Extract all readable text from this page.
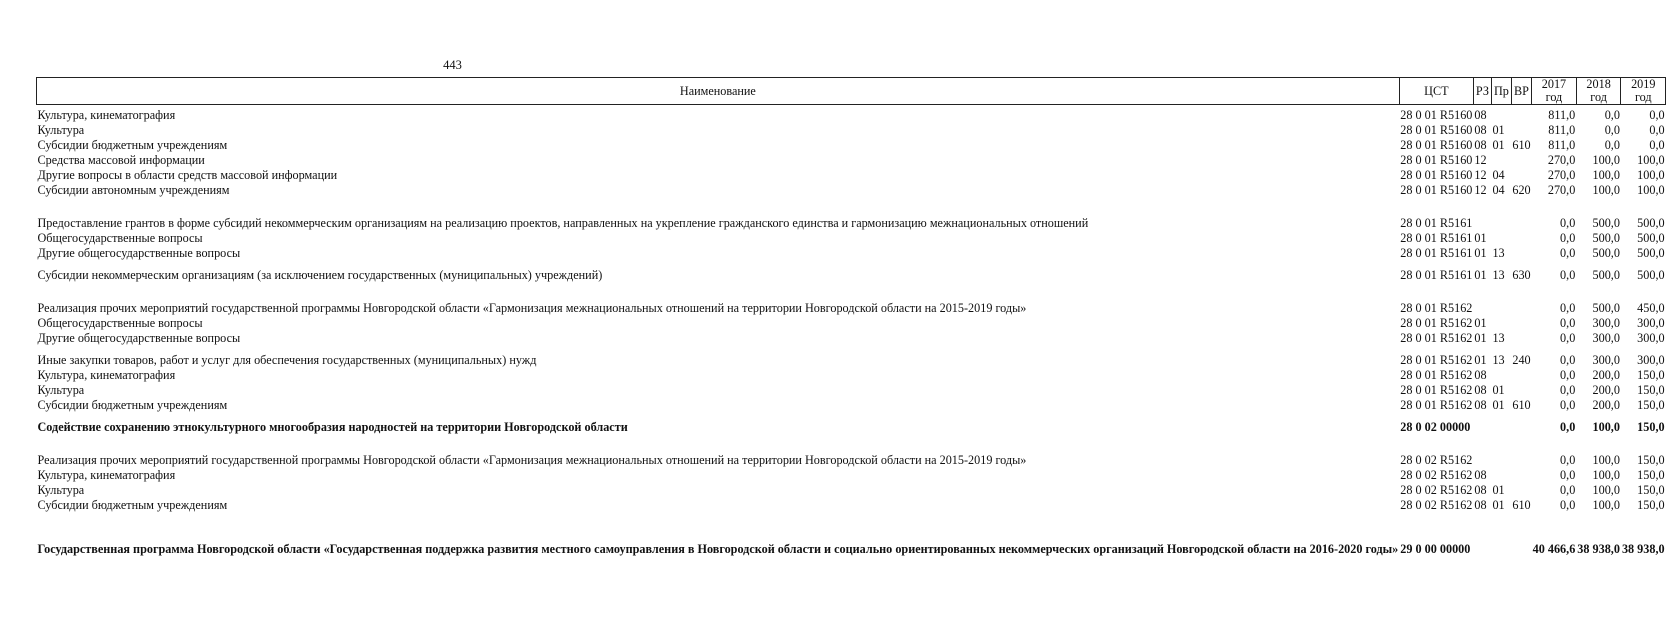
443
Наименование	ЦСТ	РЗ	Пр	ВР	2017 год	2018 год	2019 год
Культура, кинематография	28 0 01 R5160	08			811,0	0,0	0,0
Культура	28 0 01 R5160	08	01		811,0	0,0	0,0
Субсидии бюджетным учреждениям	28 0 01 R5160	08	01	610	811,0	0,0	0,0
Средства массовой информации	28 0 01 R5160	12			270,0	100,0	100,0
Другие вопросы в области средств массовой информации	28 0 01 R5160	12	04		270,0	100,0	100,0
Субсидии автономным учреждениям	28 0 01 R5160	12	04	620	270,0	100,0	100,0
Предоставление грантов в форме субсидий некоммерческим организациям на реализацию проектов, направленных на укрепление гражданского единства и гармонизацию межнациональных отношений	28 0 01 R5161				0,0	500,0	500,0
Общегосударственные вопросы	28 0 01 R5161	01			0,0	500,0	500,0
Другие общегосударственные вопросы	28 0 01 R5161	01	13		0,0	500,0	500,0
Субсидии некоммерческим организациям (за исключением государственных (муниципальных) учреждений)	28 0 01 R5161	01	13	630	0,0	500,0	500,0
Реализация прочих мероприятий государственной программы Новгородской области «Гармонизация межнациональных отношений на территории Новгородской области на 2015-2019 годы»	28 0 01 R5162				0,0	500,0	450,0
Общегосударственные вопросы	28 0 01 R5162	01			0,0	300,0	300,0
Другие общегосударственные вопросы	28 0 01 R5162	01	13		0,0	300,0	300,0
Иные закупки товаров, работ и услуг для обеспечения государственных (муниципальных) нужд	28 0 01 R5162	01	13	240	0,0	300,0	300,0
Культура, кинематография	28 0 01 R5162	08			0,0	200,0	150,0
Культура	28 0 01 R5162	08	01		0,0	200,0	150,0
Субсидии бюджетным учреждениям	28 0 01 R5162	08	01	610	0,0	200,0	150,0
Содействие сохранению этнокультурного многообразия народностей на территории Новгородской области	28 0 02 00000				0,0	100,0	150,0
Реализация прочих мероприятий государственной программы Новгородской области «Гармонизация межнациональных отношений на территории Новгородской области на 2015-2019 годы»	28 0 02 R5162				0,0	100,0	150,0
Культура, кинематография	28 0 02 R5162	08			0,0	100,0	150,0
Культура	28 0 02 R5162	08	01		0,0	100,0	150,0
Субсидии бюджетным учреждениям	28 0 02 R5162	08	01	610	0,0	100,0	150,0
Государственная программа Новгородской области «Государственная поддержка развития местного самоуправления в Новгородской области и социально ориентированных некоммерческих организаций Новгородской области на 2016-2020 годы»	29 0 00 00000				40 466,6	38 938,0	38 938,0
